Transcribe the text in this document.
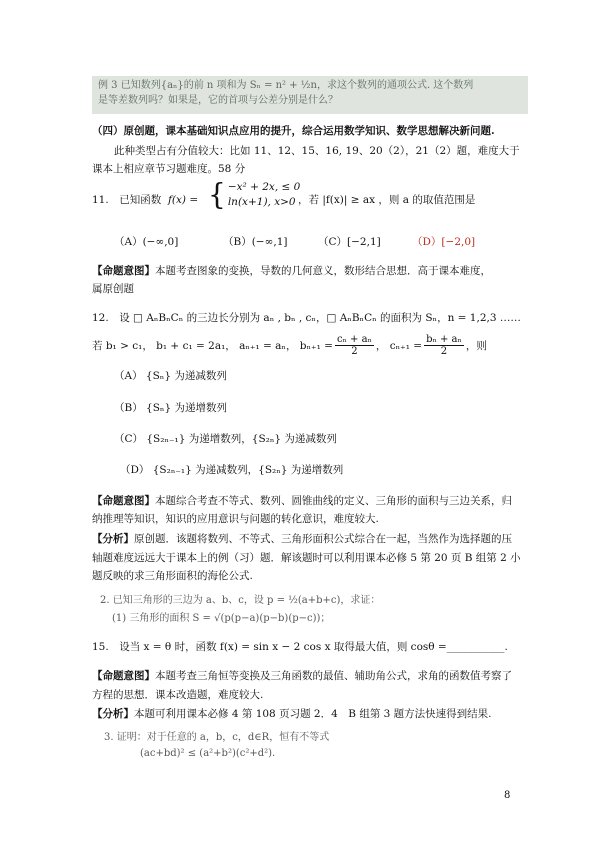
例 3 已知数列{aₙ}的前 n 项和为 Sₙ = n² + ½n，求这个数列的通项公式. 这个数列
是等差数列吗？如果是，它的首项与公差分别是什么？
（四）原创题，课本基础知识点应用的提升，综合运用数学知识、数学思想解决新问题.
此种类型占有分值较大：比如 11、12、15、16, 19、20（2），21（2）题，难度大于
课本上相应章节习题难度。58 分
11.　已知函数 f(x) = { −x² + 2x, ≤ 0
ln(x+1), x>0 ，若 |f(x)| ≥ ax ，则 a 的取值范围是
（A）(−∞,0]	（B）(−∞,1]	（C）[−2,1]	（D）[−2,0]
【命题意图】本题考查图象的变换，导数的几何意义，数形结合思想．高于课本难度，
属原创题
12.　设 □ AₙBₙCₙ 的三边长分别为 aₙ , bₙ , cₙ，□ AₙBₙCₙ 的面积为 Sₙ，n = 1,2,3 ……
若 b₁ > c₁， b₁ + c₁ = 2a₁， aₙ₊₁ = aₙ， $b_{n+1} = \frac{\text{cₙ + aₙ}}{2}$ ， $c_{n+1} = \frac{\text{bₙ + aₙ}}{2}$ ，则
（A） {Sₙ} 为递减数列
（B） {Sₙ} 为递增数列
（C） {S₂ₙ₋₁} 为递增数列，{S₂ₙ} 为递减数列
（D） {S₂ₙ₋₁} 为递减数列，{S₂ₙ} 为递增数列
【命题意图】本题综合考查不等式、数列、圆锥曲线的定义、三角形的面积与三边关系，归
纳推理等知识，知识的应用意识与问题的转化意识，难度较大.
【分析】原创题．该题将数列、不等式、三角形面积公式综合在一起，当然作为选择题的压
轴题难度远远大于课本上的例（习）题．解该题时可以利用课本必修 5 第 20 页 B 组第 2 小
题反映的求三角形面积的海伦公式.
2. 已知三角形的三边为 a、b、c，设 p = ½(a+b+c)，求证：
(1) 三角形的面积 S = √(p(p−a)(p−b)(p−c))；
15.　设当 x = θ 时，函数 f(x) = sin x − 2 cos x 取得最大值，则 cosθ =___________.
【命题意图】本题考查三角恒等变换及三角函数的最值、辅助角公式，求角的函数值考察了
方程的思想．课本改造题，难度较大.
【分析】本题可利用课本必修 4 第 108 页习题 2．4　B 组第 3 题方法快速得到结果.
3. 证明：对于任意的 a，b，c，d∈R，恒有不等式
(ac+bd)² ≤ (a²+b²)(c²+d²).
8
